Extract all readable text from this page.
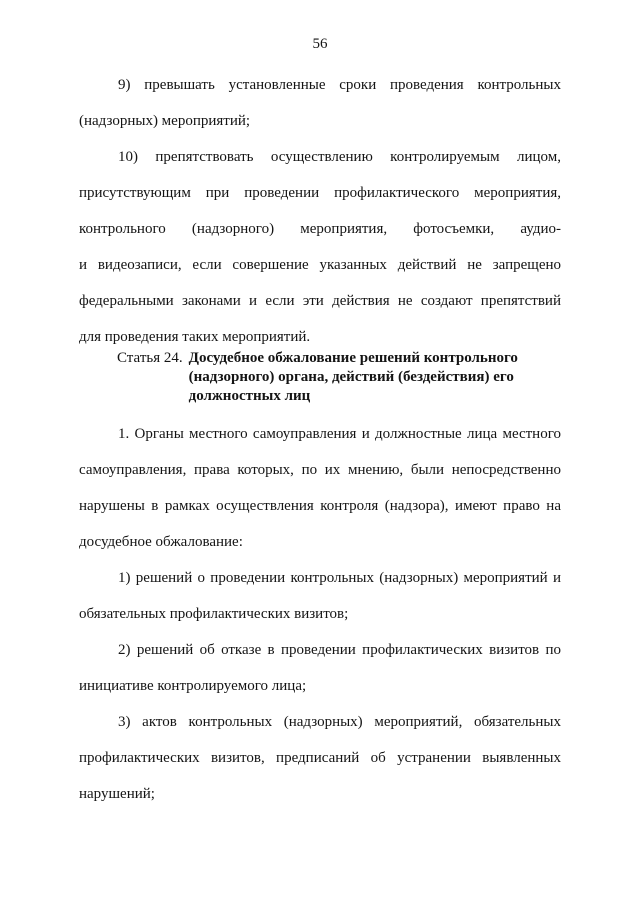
56

9) превышать установленные сроки проведения контрольных

(надзорных) мероприятий;

10) препятствовать осуществлению контролируемым лицом,

присутствующим при проведении профилактического мероприятия,

контрольного (надзорного) мероприятия, фотосъемки, аудио-

и видеозаписи, если совершение указанных действий не запрещено

федеральными законами и если эти действия не создают препятствий

для проведения таких мероприятий.

Статья 24. Досудебное обжалование решений контрольного (надзорного) органа, действий (бездействия) его должностных лиц

1. Органы местного самоуправления и должностные лица местного

самоуправления, права которых, по их мнению, были непосредственно

нарушены в рамках осуществления контроля (надзора), имеют право на

досудебное обжалование:

1) решений о проведении контрольных (надзорных) мероприятий и

обязательных профилактических визитов;

2) решений об отказе в проведении профилактических визитов по

инициативе контролируемого лица;

3) актов контрольных (надзорных) мероприятий, обязательных

профилактических визитов, предписаний об устранении выявленных

нарушений;
